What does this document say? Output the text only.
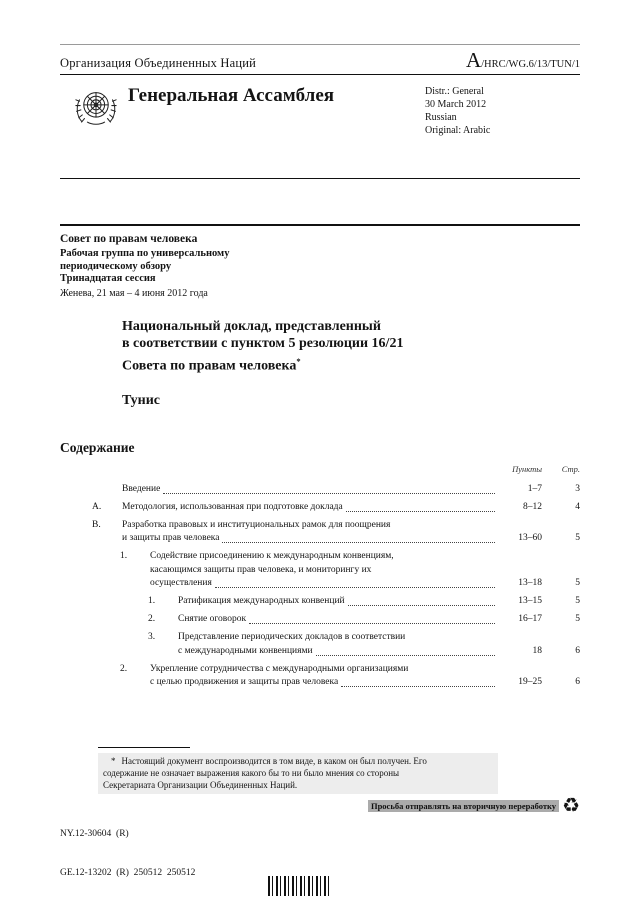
Организация Объединенных Наций	A/HRC/WG.6/13/TUN/1
Генеральная Ассамблея	Distr.: General
30 March 2012
Russian
Original: Arabic
Совет по правам человека
Рабочая группа по универсальному
периодическому обзору
Тринадцатая сессия
Женева, 21 мая – 4 июня 2012 года
Национальный доклад, представленный
в соответствии с пунктом 5 резолюции 16/21
Совета по правам человека*
Тунис
Содержание
Пункты	Стр.
Введение	1–7	3
A. Методология, использованная при подготовке доклада	8–12	4
B. Разработка правовых и институциональных рамок для поощрения
и защиты прав человека	13–60	5
1. Содействие присоединению к международным конвенциям,
касающимся защиты прав человека, и мониторингу их
осуществления	13–18	5
1. Ратификация международных конвенций	13–15	5
2. Снятие оговорок	16–17	5
3. Представление периодических докладов в соответствии
с международными конвенциями	18	6
2. Укрепление сотрудничества с международными организациями
с целью продвижения и защиты прав человека	19–25	6
* Настоящий документ воспроизводится в том виде, в каком он был получен. Его
содержание не означает выражения какого бы то ни было мнения со стороны
Секретариата Организации Объединенных Наций.

NY.12-30604  (R)

GE.12-13202  (R)  250512  250512

Просьба отправлять на вторичную переработку ♻
